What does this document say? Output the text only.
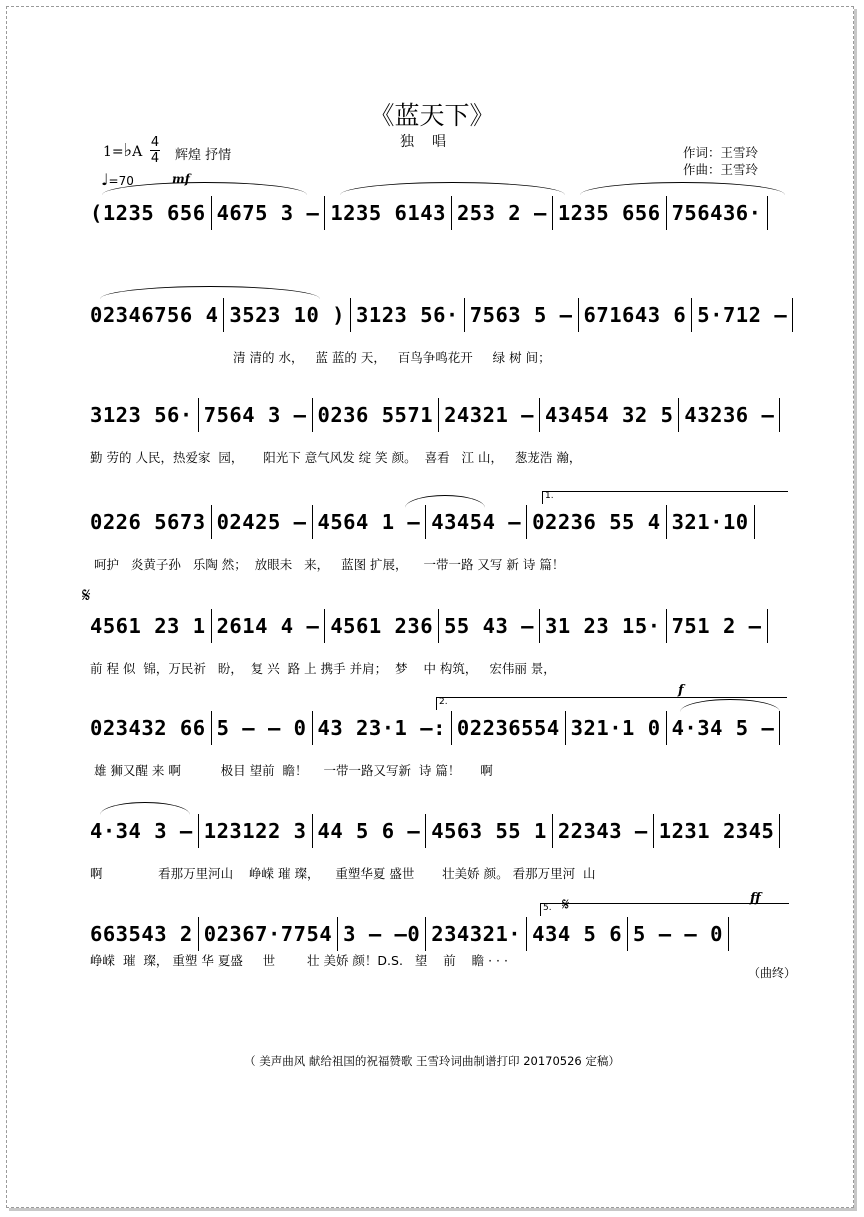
《蓝天下》
独唱
1=♭A
4
4 辉煌 抒情	作词：王雪玲
作曲：王雪玲
♩=70	mf
(1235 656 4675 3 – 1235 6143 253 2 – 1235 656 756436·
02346756 4 3523 10 ) 3123 56· 7563 5 – 671643 6 5·712 –
清 清的 水，   蓝 蓝的 天，   百鸟争鸣花开     绿 树 间；
3123 56· 7564 3 – 0236 5571 24321 – 43454 32 5 43236 –
勤 劳的 人民，热爱家  园，     阳光下 意气风发 绽 笑 颜。  喜看   江 山，   葱茏浩 瀚，
0226 5673 02425 – 4564 1 – 43454 – 02236 55 4 321·10
呵护   炎黄子孙   乐陶 然；  放眼未   来，   蓝图 扩展，    一带一路 又写 新 诗 篇！
1.
𝄋
4561 23 1 2614 4 – 4561 236 55 43 – 31 23 15· 751 2 –
前 程 似  锦，万民祈   盼，  复 兴  路 上 携手 并肩；  梦    中 构筑，   宏伟丽 景，
023432 66 5 – – 0 43 23·1 –: 02236554 321·1 0 4·34 5 –
雄 狮又醒 来 啊          极目 望前  瞻！    一带一路又写新  诗 篇！     啊
2.
f
4·34 3 – 123122 3 44 5 6 – 4563 55 1 22343 – 1231 2345
啊              看那万里河山    峥嵘 璀 璨，    重塑华夏 盛世       壮美娇 颜。 看那万里河  山
663543 2 02367·7754 3 – –0 234321· 434 5 6 5 – – 0
峥嵘  璀  璨， 重塑 华 夏盛     世        壮 美娇 颜！D.S.   望    前    瞻 · · ·
5. 𝄋	ff
（曲终）
（ 美声曲风 献给祖国的祝福赞歌 王雪玲词曲制谱打印 20170526 定稿）
